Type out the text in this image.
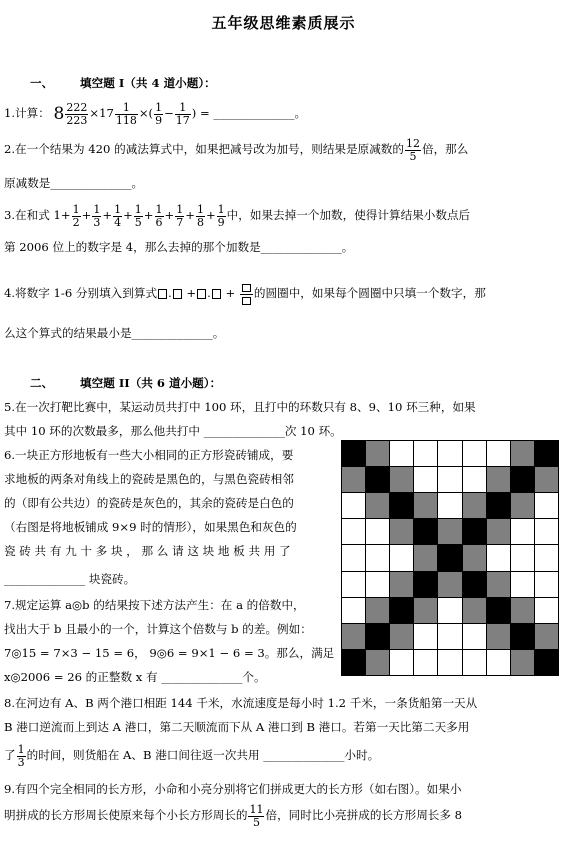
五年级思维素质展示
一、 填空题 I（共 4 道小题）：
1.计算： $8 \frac{222}{223} \times 17 \frac{1}{118}$ ×( $\frac{1}{9} - \frac{1}{17}$ ) = ______________。
2.在一个结果为 420 的减法算式中，如果把减号改为加号，则结果是原减数的 $\frac{12}{5}$ 倍，那么
原减数是______________。
3.在和式 $1+ \frac{1}{2} + \frac{1}{3} + \frac{1}{4} + \frac{1}{5} + \frac{1}{6} + \frac{1}{7} + \frac{1}{8} + \frac{1}{9}$ 中，如果去掉一个加数，使得计算结果小数点后
第 2006 位上的数字是 4，那么去掉的那个加数是______________。
4.将数字 1-6 分别填入到算式 . + . +
的圆圈中，如果每个圆圈中只填一个数字，那
么这个算式的结果最小是______________。
二、 填空题 II（共 6 道小题）：
5.在一次打靶比赛中，某运动员共打中 100 环，且打中的环数只有 8、9、10 环三种，如果
其中 10 环的次数最多，那么他共打中 ______________次 10 环。
6.一块正方形地板有一些大小相同的正方形瓷砖铺成，要
求地板的两条对角线上的瓷砖是黑色的，与黑色瓷砖相邻
的（即有公共边）的瓷砖是灰色的，其余的瓷砖是白色的
（右图是将地板铺成 9×9 时的情形），如果黑色和灰色的
瓷 砖 共 有 九 十 多 块 ， 那 么 请 这 块 地 板 共 用 了
______________ 块瓷砖。
7.规定运算 a◎b 的结果按下述方法产生：在 a 的倍数中，
找出大于 b 且最小的一个，计算这个倍数与 b 的差。例如：
7◎15 = 7×3 − 15 = 6， 9◎6 = 9×1 − 6 = 3。那么，满足
x◎2006 = 26 的正整数 x 有 ______________个。
8.在河边有 A、B 两个港口相距 144 千米，水流速度是每小时 1.2 千米，一条货船第一天从
B 港口逆流而上到达 A 港口，第二天顺流而下从 A 港口到 B 港口。若第一天比第二天多用
了 $\frac{1}{3}$ 的时间，则货船在 A、B 港口间往返一次共用 ______________小时。
9.有四个完全相同的长方形，小命和小亮分别将它们拼成更大的长方形（如右图）。如果小
明拼成的长方形周长使原来每个小长方形周长的 $\frac{11}{5}$ 倍，同时比小亮拼成的长方形周长多 8
